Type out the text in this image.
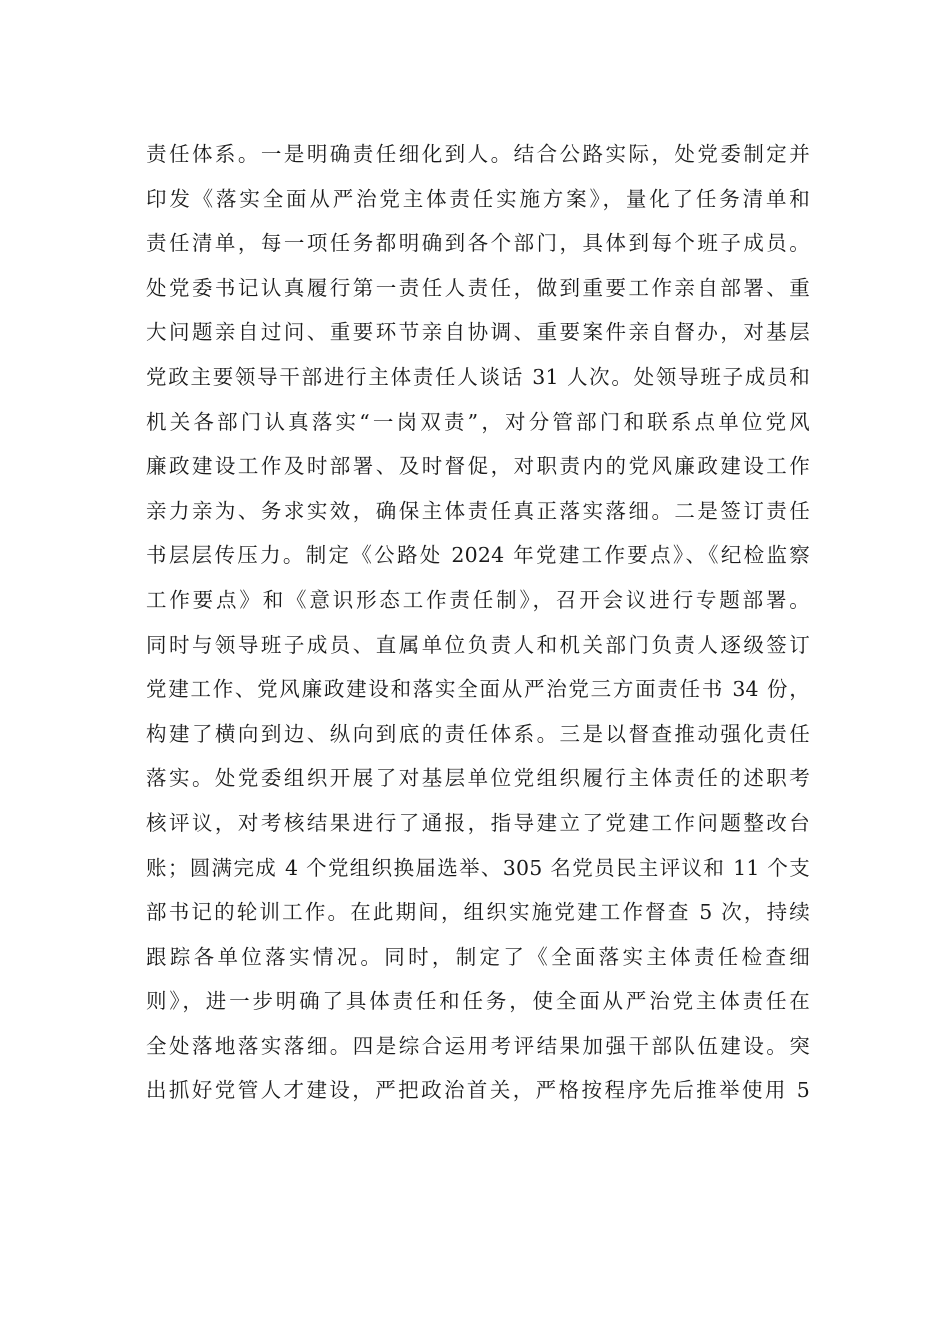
责任体系。一是明确责任细化到人。结合公路实际，处党委制定并
印发《落实全面从严治党主体责任实施方案》，量化了任务清单和
责任清单，每一项任务都明确到各个部门，具体到每个班子成员。
处党委书记认真履行第一责任人责任，做到重要工作亲自部署、重
大问题亲自过问、重要环节亲自协调、重要案件亲自督办，对基层
党政主要领导干部进行主体责任人谈话 31 人次。处领导班子成员和
机关各部门认真落实“一岗双责”，对分管部门和联系点单位党风
廉政建设工作及时部署、及时督促，对职责内的党风廉政建设工作
亲力亲为、务求实效，确保主体责任真正落实落细。二是签订责任
书层层传压力。制定《公路处 2024 年党建工作要点》、《纪检监察
工作要点》和《意识形态工作责任制》，召开会议进行专题部署。
同时与领导班子成员、直属单位负责人和机关部门负责人逐级签订
党建工作、党风廉政建设和落实全面从严治党三方面责任书 34 份，
构建了横向到边、纵向到底的责任体系。三是以督查推动强化责任
落实。处党委组织开展了对基层单位党组织履行主体责任的述职考
核评议，对考核结果进行了通报，指导建立了党建工作问题整改台
账；圆满完成 4 个党组织换届选举、305 名党员民主评议和 11 个支
部书记的轮训工作。在此期间，组织实施党建工作督查 5 次，持续
跟踪各单位落实情况。同时，制定了《全面落实主体责任检查细
则》，进一步明确了具体责任和任务，使全面从严治党主体责任在
全处落地落实落细。四是综合运用考评结果加强干部队伍建设。突
出抓好党管人才建设，严把政治首关，严格按程序先后推举使用 5
